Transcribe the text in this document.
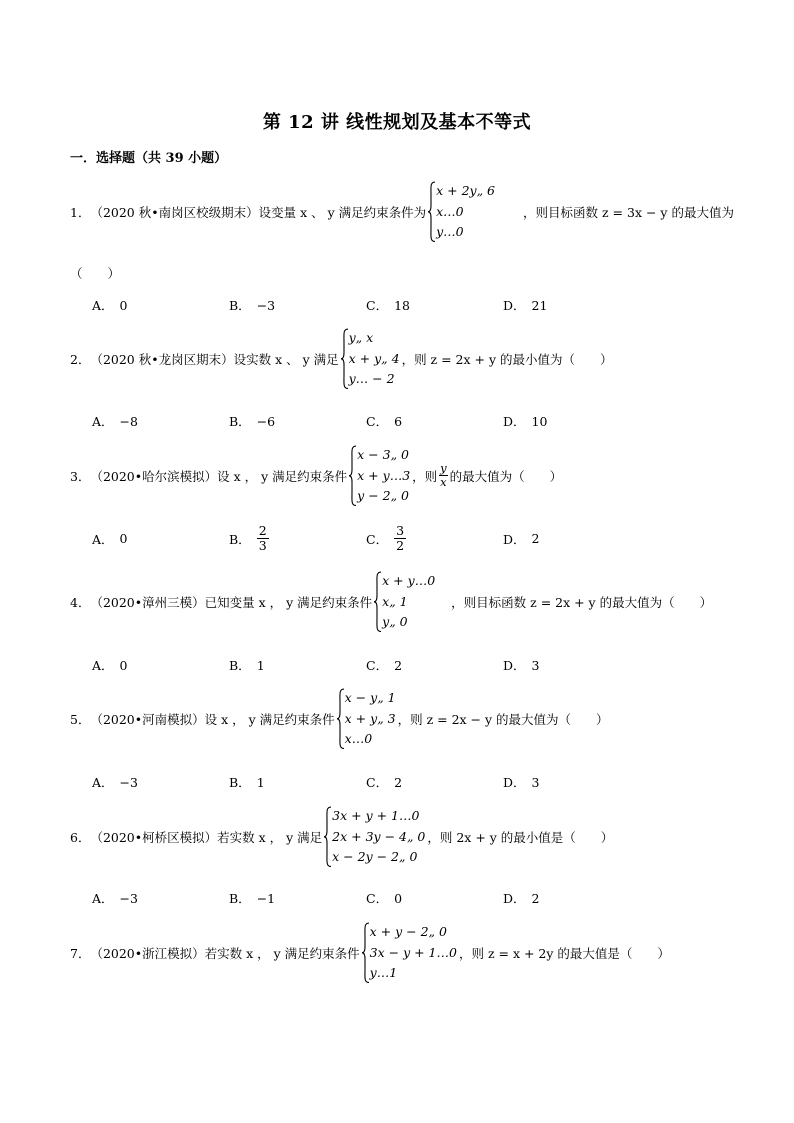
第 12 讲 线性规划及基本不等式
一．选择题（共 39 小题）
1． （2020 秋•南岗区校级期末）设变量 x 、 y 满足约束条件为
x + 2y„ 6
x…0
y…0
，则目标函数 z = 3x − y 的最大值为
（　　）
A． 0	B． −3	C． 18	D． 21
2． （2020 秋•龙岗区期末）设实数 x 、 y 满足
y„ x
x + y„ 4
y… − 2
，则 z = 2x + y 的最小值为（　　）
A． −8	B． −6	C． 6	D． 10
3． （2020•哈尔滨模拟）设 x ， y 满足约束条件
x − 3„ 0
x + y…3
y − 2„ 0
，则 $\frac{y}{x}$ 的最大值为（　　）
A． 0	B．
2
3	C．
3
2	D． 2
4． （2020•漳州三模）已知变量 x ， y 满足约束条件
x + y…0
x„ 1
y„ 0
，则目标函数 z = 2x + y 的最大值为（　　）
A． 0	B． 1	C． 2	D． 3
5． （2020•河南模拟）设 x ， y 满足约束条件
x − y„ 1
x + y„ 3
x…0
，则 z = 2x − y 的最大值为（　　）
A． −3	B． 1	C． 2	D． 3
6． （2020•柯桥区模拟）若实数 x ， y 满足
3x + y + 1…0
2x + 3y − 4„ 0
x − 2y − 2„ 0
，则 2x + y 的最小值是（　　）
A． −3	B． −1	C． 0	D． 2
7． （2020•浙江模拟）若实数 x ， y 满足约束条件
x + y − 2„ 0
3x − y + 1…0
y…1
，则 z = x + 2y 的最大值是（　　）
